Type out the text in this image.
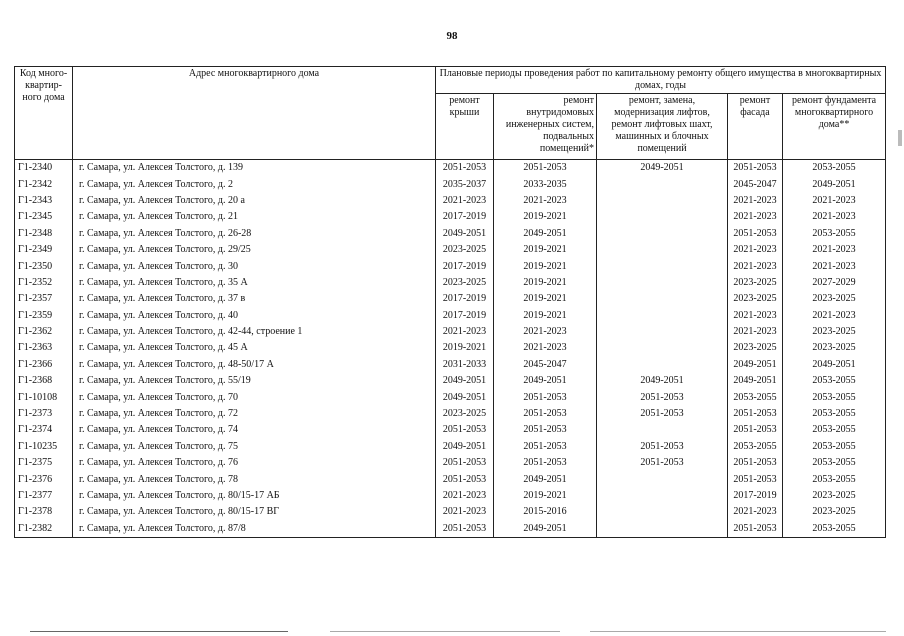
98
Код много-квартир-ного дома	Адрес многоквартирного дома	Плановые периоды проведения работ по капитальному ремонту общего имущества в многоквартирных домах, годы				
		ремонт крыши	ремонт внутридомовых инженерных систем, подвальных помещений*	ремонт, замена, модернизация лифтов, ремонт лифтовых шахт, машинных и блочных помещений	ремонт фасада	ремонт фундамента многоквартирного дома**
Г1-2340	г. Самара, ул. Алексея Толстого, д. 139	2051-2053	2051-2053	2049-2051	2051-2053	2053-2055
Г1-2342	г. Самара, ул. Алексея Толстого, д. 2	2035-2037	2033-2035		2045-2047	2049-2051
Г1-2343	г. Самара, ул. Алексея Толстого, д. 20 а	2021-2023	2021-2023		2021-2023	2021-2023
Г1-2345	г. Самара, ул. Алексея Толстого, д. 21	2017-2019	2019-2021		2021-2023	2021-2023
Г1-2348	г. Самара, ул. Алексея Толстого, д. 26-28	2049-2051	2049-2051		2051-2053	2053-2055
Г1-2349	г. Самара, ул. Алексея Толстого, д. 29/25	2023-2025	2019-2021		2021-2023	2021-2023
Г1-2350	г. Самара, ул. Алексея Толстого, д. 30	2017-2019	2019-2021		2021-2023	2021-2023
Г1-2352	г. Самара, ул. Алексея Толстого, д. 35 А	2023-2025	2019-2021		2023-2025	2027-2029
Г1-2357	г. Самара, ул. Алексея Толстого, д. 37 в	2017-2019	2019-2021		2023-2025	2023-2025
Г1-2359	г. Самара, ул. Алексея Толстого, д. 40	2017-2019	2019-2021		2021-2023	2021-2023
Г1-2362	г. Самара, ул. Алексея Толстого, д. 42-44, строение 1	2021-2023	2021-2023		2021-2023	2023-2025
Г1-2363	г. Самара, ул. Алексея Толстого, д. 45 А	2019-2021	2021-2023		2023-2025	2023-2025
Г1-2366	г. Самара, ул. Алексея Толстого, д. 48-50/17 А	2031-2033	2045-2047		2049-2051	2049-2051
Г1-2368	г. Самара, ул. Алексея Толстого, д. 55/19	2049-2051	2049-2051	2049-2051	2049-2051	2053-2055
Г1-10108	г. Самара, ул. Алексея Толстого, д. 70	2049-2051	2051-2053	2051-2053	2053-2055	2053-2055
Г1-2373	г. Самара, ул. Алексея Толстого, д. 72	2023-2025	2051-2053	2051-2053	2051-2053	2053-2055
Г1-2374	г. Самара, ул. Алексея Толстого, д. 74	2051-2053	2051-2053		2051-2053	2053-2055
Г1-10235	г. Самара, ул. Алексея Толстого, д. 75	2049-2051	2051-2053	2051-2053	2053-2055	2053-2055
Г1-2375	г. Самара, ул. Алексея Толстого, д. 76	2051-2053	2051-2053	2051-2053	2051-2053	2053-2055
Г1-2376	г. Самара, ул. Алексея Толстого, д. 78	2051-2053	2049-2051		2051-2053	2053-2055
Г1-2377	г. Самара, ул. Алексея Толстого, д. 80/15-17 АБ	2021-2023	2019-2021		2017-2019	2023-2025
Г1-2378	г. Самара, ул. Алексея Толстого, д. 80/15-17 ВГ	2021-2023	2015-2016		2021-2023	2023-2025
Г1-2382	г. Самара, ул. Алексея Толстого, д. 87/8	2051-2053	2049-2051		2051-2053	2053-2055
